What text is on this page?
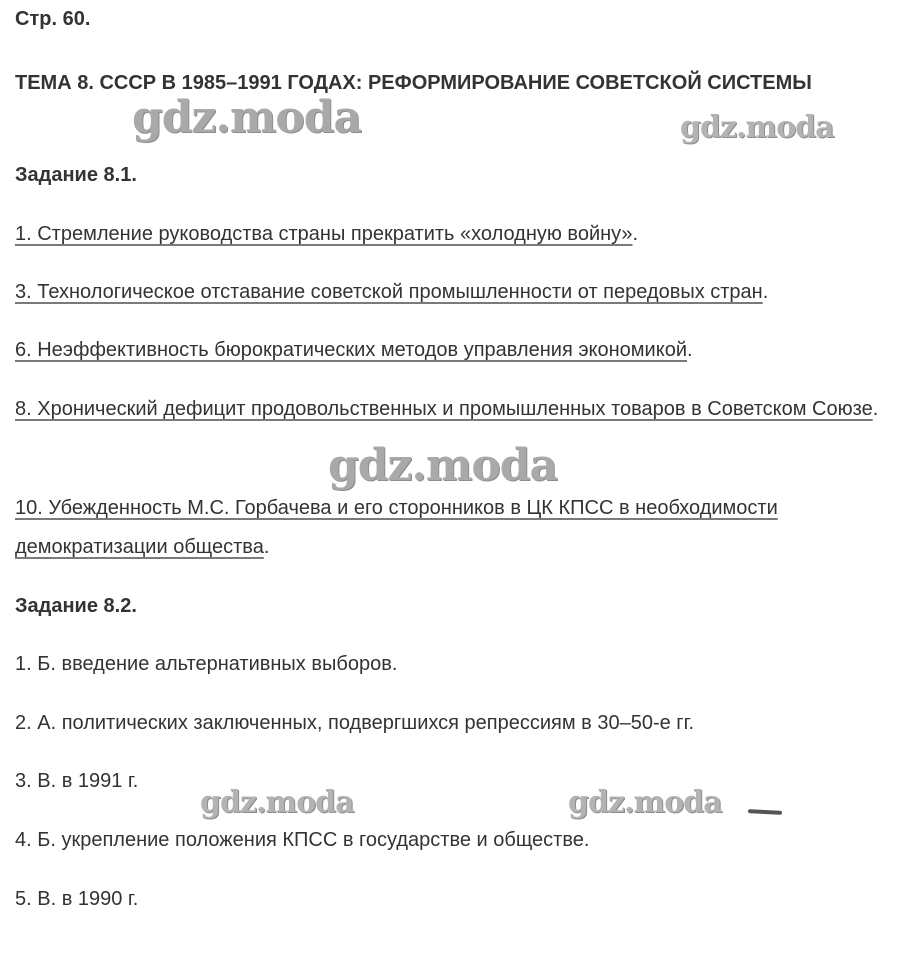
Стр. 60.
ТЕМА 8. СССР В 1985–1991 ГОДАХ: РЕФОРМИРОВАНИЕ СОВЕТСКОЙ СИСТЕМЫ
Задание 8.1.
1. Стремление руководства страны прекратить «холодную войну».
3. Технологическое отставание советской промышленности от передовых стран.
6. Неэффективность бюрократических методов управления экономикой.
8. Хронический дефицит продовольственных и промышленных товаров в Советском Союзе.
10. Убежденность М.С. Горбачева и его сторонников в ЦК КПСС в необходимости демократизации общества.
Задание 8.2.
1. Б. введение альтернативных выборов.
2. А. политических заключенных, подвергшихся репрессиям в 30–50-е гг.
3. В. в 1991 г.
4. Б. укрепление положения КПСС в государстве и обществе.
5. В. в 1990 г.
gdz.moda	gdz.moda
gdz.moda
gdz.moda	gdz.moda
